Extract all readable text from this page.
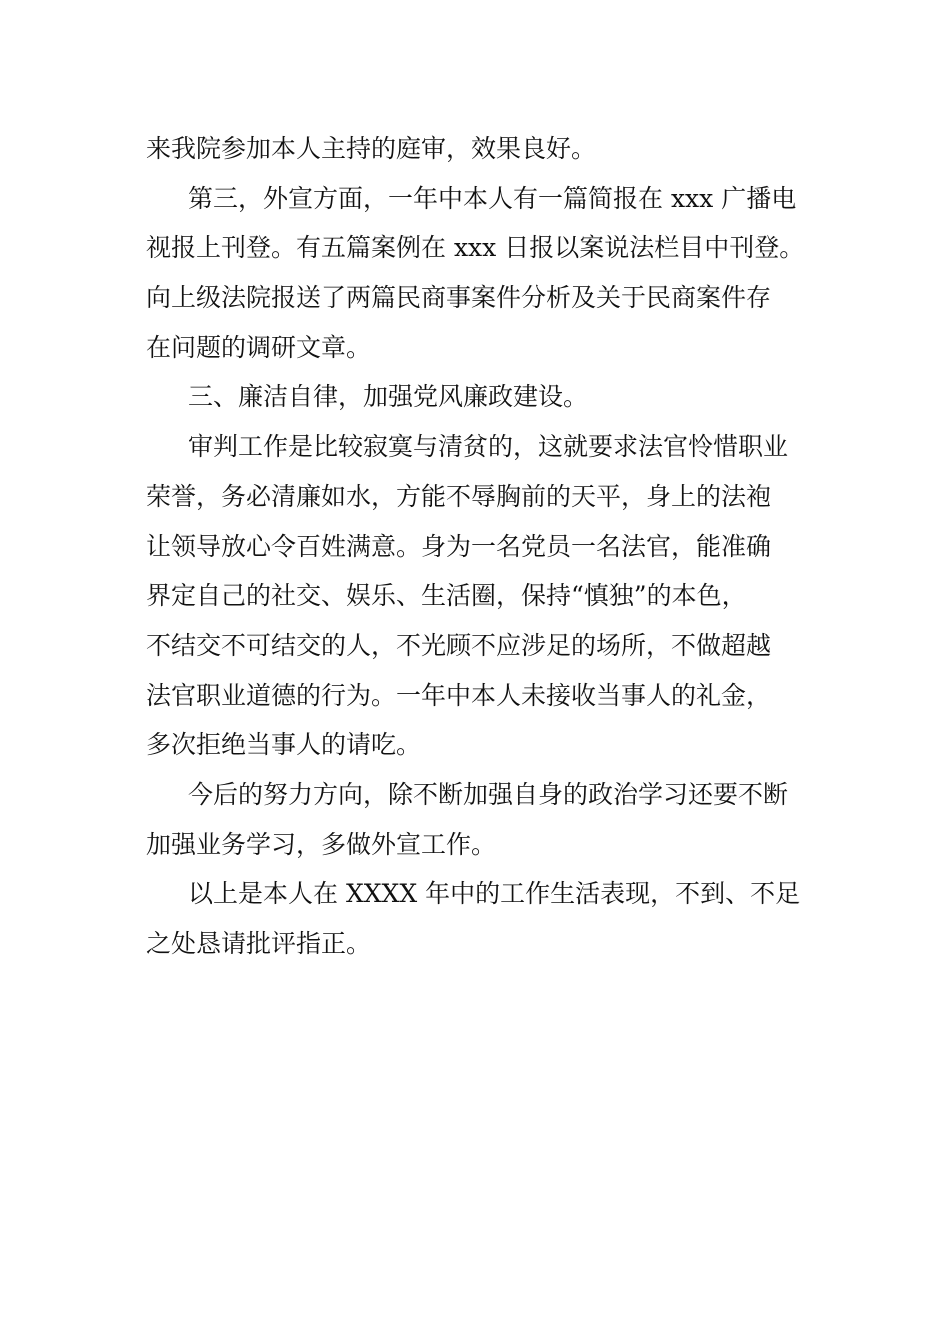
来我院参加本人主持的庭审，效果良好。
第三，外宣方面，一年中本人有一篇简报在 xxx 广播电
视报上刊登。有五篇案例在 xxx 日报以案说法栏目中刊登。
向上级法院报送了两篇民商事案件分析及关于民商案件存
在问题的调研文章。
三、廉洁自律，加强党风廉政建设。
审判工作是比较寂寞与清贫的，这就要求法官怜惜职业
荣誉，务必清廉如水，方能不辱胸前的天平，身上的法袍
让领导放心令百姓满意。身为一名党员一名法官，能准确
界定自己的社交、娱乐、生活圈，保持“慎独”的本色，
不结交不可结交的人，不光顾不应涉足的场所，不做超越
法官职业道德的行为。一年中本人未接收当事人的礼金，
多次拒绝当事人的请吃。
今后的努力方向，除不断加强自身的政治学习还要不断
加强业务学习，多做外宣工作。
以上是本人在 XXXX 年中的工作生活表现，不到、不足
之处恳请批评指正。
